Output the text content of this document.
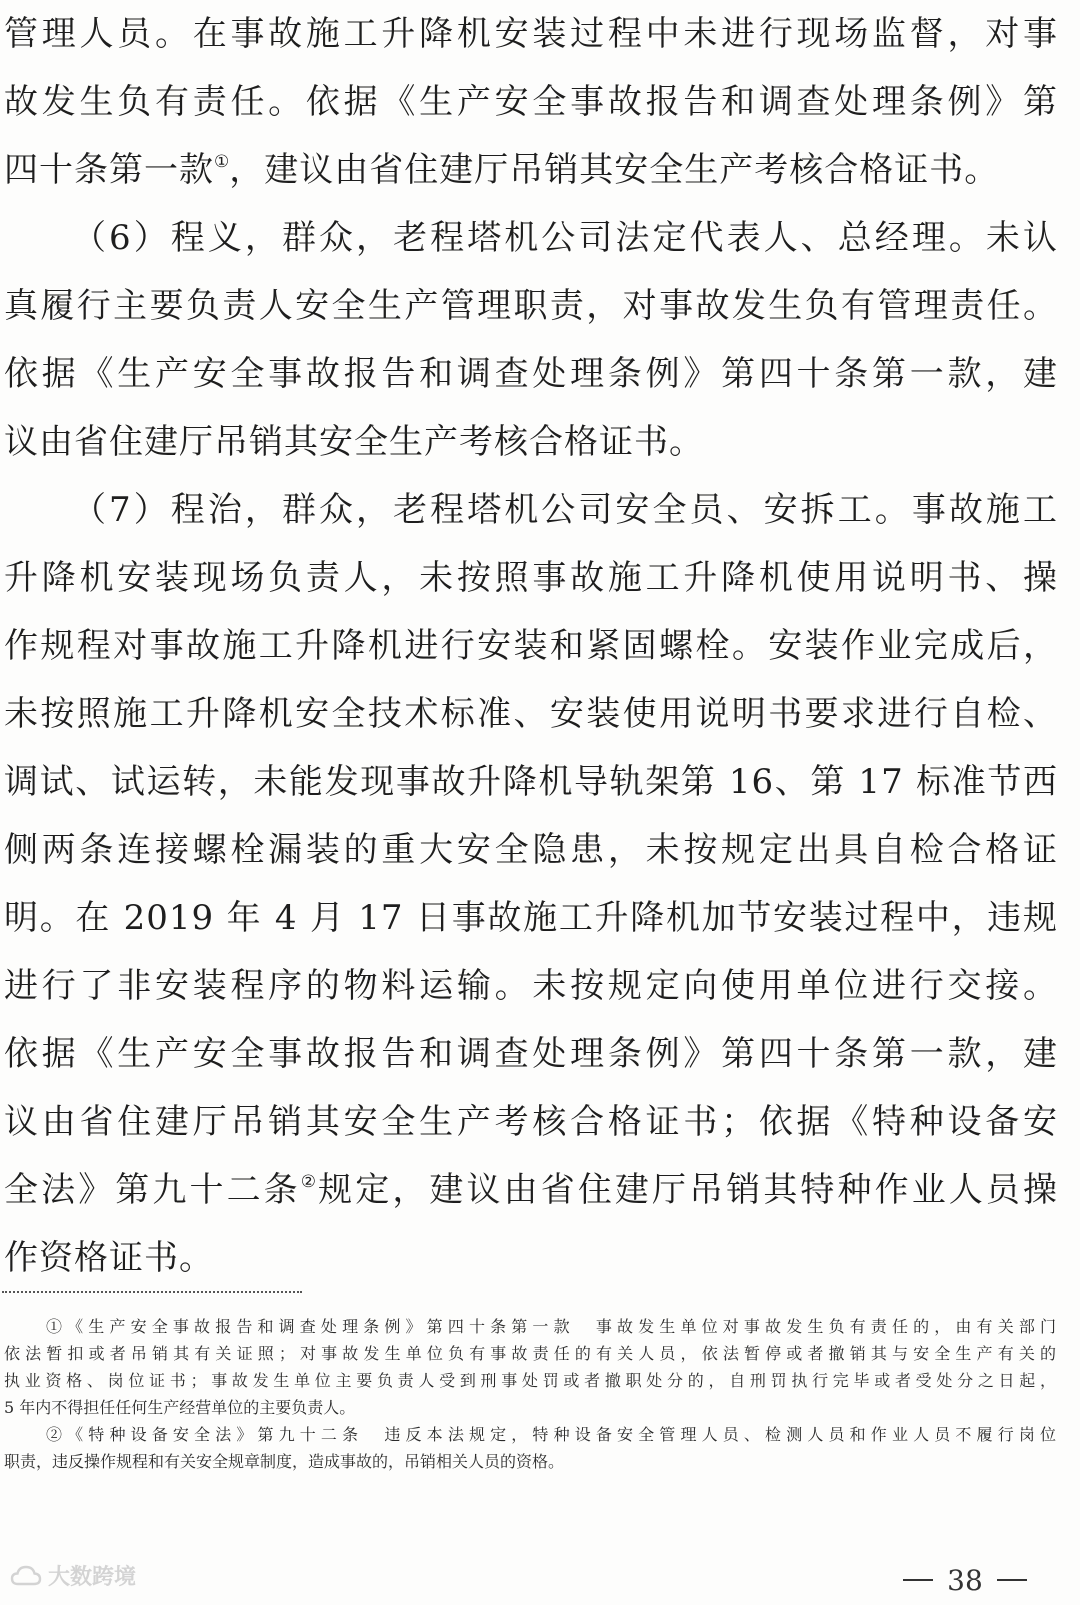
管理人员。在事故施工升降机安装过程中未进行现场监督，对事
故发生负有责任。依据《生产安全事故报告和调查处理条例》第
四十条第一款①，建议由省住建厅吊销其安全生产考核合格证书。
（6）程义，群众，老程塔机公司法定代表人、总经理。未认
真履行主要负责人安全生产管理职责，对事故发生负有管理责任。
依据《生产安全事故报告和调查处理条例》第四十条第一款，建
议由省住建厅吊销其安全生产考核合格证书。
（7）程治，群众，老程塔机公司安全员、安拆工。事故施工
升降机安装现场负责人，未按照事故施工升降机使用说明书、操
作规程对事故施工升降机进行安装和紧固螺栓。安装作业完成后，
未按照施工升降机安全技术标准、安装使用说明书要求进行自检、
调试、试运转，未能发现事故升降机导轨架第 16、第 17 标准节西
侧两条连接螺栓漏装的重大安全隐患，未按规定出具自检合格证
明。在 2019 年 4 月 17 日事故施工升降机加节安装过程中，违规
进行了非安装程序的物料运输。未按规定向使用单位进行交接。
依据《生产安全事故报告和调查处理条例》第四十条第一款，建
议由省住建厅吊销其安全生产考核合格证书；依据《特种设备安
全法》第九十二条②规定，建议由省住建厅吊销其特种作业人员操
作资格证书。
①《生产安全事故报告和调查处理条例》第四十条第一款　事故发生单位对事故发生负有责任的，由有关部门
依法暂扣或者吊销其有关证照；对事故发生单位负有事故责任的有关人员，依法暂停或者撤销其与安全生产有关的
执业资格、岗位证书；事故发生单位主要负责人受到刑事处罚或者撤职处分的，自刑罚执行完毕或者受处分之日起，
5 年内不得担任任何生产经营单位的主要负责人。
②《特种设备安全法》第九十二条　违反本法规定，特种设备安全管理人员、检测人员和作业人员不履行岗位
职责，违反操作规程和有关安全规章制度，造成事故的，吊销相关人员的资格。
大数跨境	38
